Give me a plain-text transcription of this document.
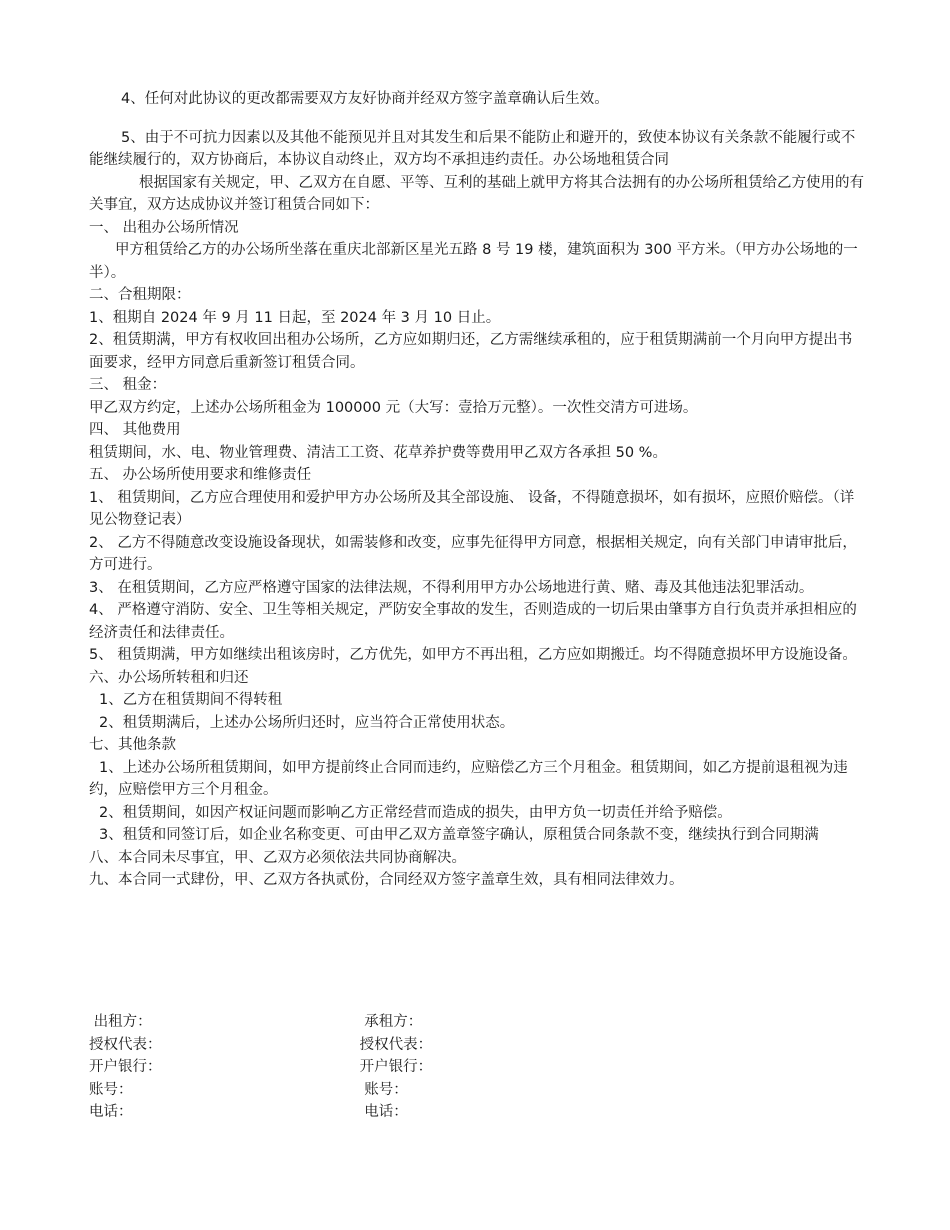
4、任何对此协议的更改都需要双方友好协商并经双方签字盖章确认后生效。

5、由于不可抗力因素以及其他不能预见并且对其发生和后果不能防止和避开的，致使本协议有关条款不能履行或不能继续履行的，双方协商后，本协议自动终止，双方均不承担违约责任。办公场地租赁合同

根据国家有关规定，甲、乙双方在自愿、平等、互利的基础上就甲方将其合法拥有的办公场所租赁给乙方使用的有关事宜，双方达成协议并签订租赁合同如下：

一、 出租办公场所情况

甲方租赁给乙方的办公场所坐落在重庆北部新区星光五路 8 号 19 楼，建筑面积为 300 平方米。（甲方办公场地的一半）。

二、合租期限：

1、租期自 2024 年 9 月 11 日起，至 2024 年 3 月 10 日止。

2、租赁期满，甲方有权收回出租办公场所，乙方应如期归还，乙方需继续承租的，应于租赁期满前一个月向甲方提出书面要求，经甲方同意后重新签订租赁合同。

三、 租金：

甲乙双方约定，上述办公场所租金为 100000 元（大写：壹拾万元整）。一次性交清方可进场。

四、 其他费用

租赁期间，水、电、物业管理费、清洁工工资、花草养护费等费用甲乙双方各承担 50 %。

五、 办公场所使用要求和维修责任

1、 租赁期间，乙方应合理使用和爱护甲方办公场所及其全部设施、 设备，不得随意损坏，如有损坏，应照价赔偿。（详见公物登记表）

2、 乙方不得随意改变设施设备现状，如需装修和改变，应事先征得甲方同意，根据相关规定，向有关部门申请审批后，方可进行。

3、 在租赁期间，乙方应严格遵守国家的法律法规，不得利用甲方办公场地进行黄、赌、毒及其他违法犯罪活动。

4、 严格遵守消防、安全、卫生等相关规定，严防安全事故的发生，否则造成的一切后果由肇事方自行负责并承担相应的经济责任和法律责任。

5、 租赁期满，甲方如继续出租该房时，乙方优先，如甲方不再出租，乙方应如期搬迁。均不得随意损坏甲方设施设备。

六、办公场所转租和归还

1、乙方在租赁期间不得转租

2、租赁期满后，上述办公场所归还时，应当符合正常使用状态。

七、其他条款

1、上述办公场所租赁期间，如甲方提前终止合同而违约，应赔偿乙方三个月租金。租赁期间，如乙方提前退租视为违约，应赔偿甲方三个月租金。

2、租赁期间，如因产权证问题而影响乙方正常经营而造成的损失，由甲方负一切责任并给予赔偿。

3、租赁和同签订后，如企业名称变更、可由甲乙双方盖章签字确认，原租赁合同条款不变，继续执行到合同期满

八、本合同未尽事宜，甲、乙双方必须依法共同协商解决。

九、本合同一式肆份，甲、乙双方各执贰份，合同经双方签字盖章生效，具有相同法律效力。

出租方：	承租方：
授权代表：	授权代表：
开户银行：	开户银行：
账号：	账号：
电话：	电话：
